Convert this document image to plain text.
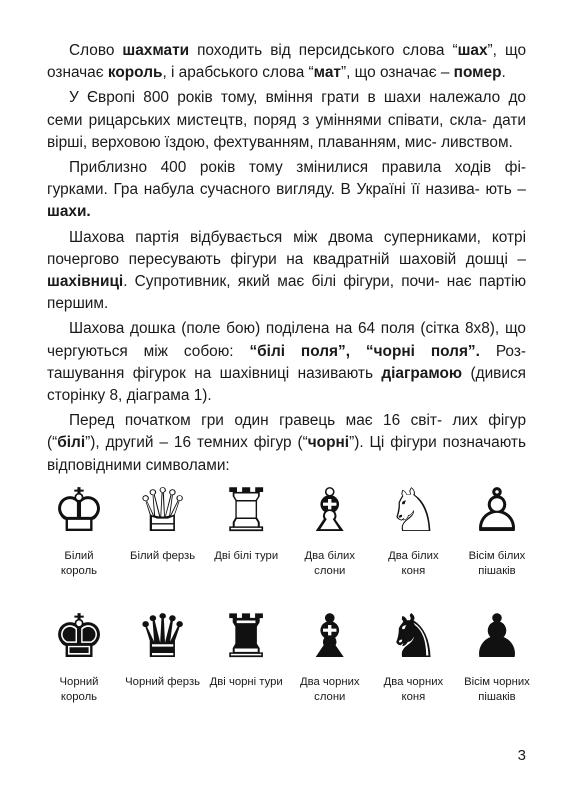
Слово шахмати походить від персидського слова “шах”, що означає король, і арабського слова “мат”, що означає – помер.

У Європі 800 років тому, вміння грати в шахи належало до семи рицарських мистецтв, поряд з уміннями співати, скла- дати вірші, верховою їздою, фехтуванням, плаванням, мис- ливством.

Приблизно 400 років тому змінилися правила ходів фі- гурками. Гра набула сучасного вигляду. В Україні її назива- ють – шахи.

Шахова партія відбувається між двома суперниками, котрі почергово пересувають фігури на квадратній шаховій дошці – шахівниці. Супротивник, який має білі фігури, почи- нає партію першим.

Шахова дошка (поле бою) поділена на 64 поля (сітка 8х8), що чергуються між собою: “білі поля”, “чорні поля”. Роз- ташування фігурок на шахівниці називають діаграмою (дивися сторінку 8, діаграма 1).

Перед початком гри один гравець має 16 світ- лих фігур (“білі”), другий – 16 темних фігур (“чорні”). Ці фігури позначають відповідними символами:

♔
Білий
король
♕
Білий ферзь
♖
Дві білі тури
♗
Два білих
слони
♘
Два білих
коня
♙
Вісім білих
пішаків
♚
Чорний
король
♛
Чорний ферзь
♜
Дві чорні тури
♝
Два чорних
слони
♞
Два чорних
коня
♟
Вісім чорних
пішаків
3
